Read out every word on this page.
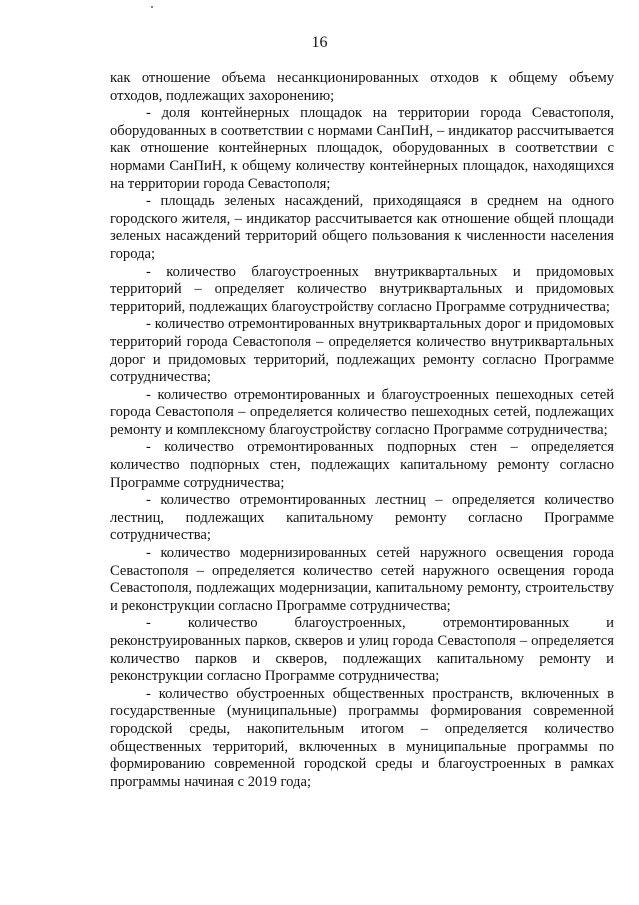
16

как отношение объема несанкционированных отходов к общему объему отходов, подлежащих захоронению;

- доля контейнерных площадок на территории города Севастополя, оборудованных в соответствии с нормами СанПиН, – индикатор рассчитывается как отношение контейнерных площадок, оборудованных в соответствии с нормами СанПиН, к общему количеству контейнерных площадок, находящихся на территории города Севастополя;

- площадь зеленых насаждений, приходящаяся в среднем на одного городского жителя, – индикатор рассчитывается как отношение общей площади зеленых насаждений территорий общего пользования к численности населения города;

- количество благоустроенных внутриквартальных и придомовых территорий – определяет количество внутриквартальных и придомовых территорий, подлежащих благоустройству согласно Программе сотрудничества;

- количество отремонтированных внутриквартальных дорог и придомовых территорий города Севастополя – определяется количество внутриквартальных дорог и придомовых территорий, подлежащих ремонту согласно Программе сотрудничества;

- количество отремонтированных и благоустроенных пешеходных сетей города Севастополя – определяется количество пешеходных сетей, подлежащих ремонту и комплексному благоустройству согласно Программе сотрудничества;

- количество отремонтированных подпорных стен – определяется количество подпорных стен, подлежащих капитальному ремонту согласно Программе сотрудничества;

- количество отремонтированных лестниц – определяется количество лестниц, подлежащих капитальному ремонту согласно Программе сотрудничества;

- количество модернизированных сетей наружного освещения города Севастополя – определяется количество сетей наружного освещения города Севастополя, подлежащих модернизации, капитальному ремонту, строительству и реконструкции согласно Программе сотрудничества;

- количество благоустроенных, отремонтированных и реконструированных парков, скверов и улиц города Севастополя – определяется количество парков и скверов, подлежащих капитальному ремонту и реконструкции согласно Программе сотрудничества;

- количество обустроенных общественных пространств, включенных в государственные (муниципальные) программы формирования современной городской среды, накопительным итогом – определяется количество общественных территорий, включенных в муниципальные программы по формированию современной городской среды и благоустроенных в рамках программы начиная с 2019 года;
